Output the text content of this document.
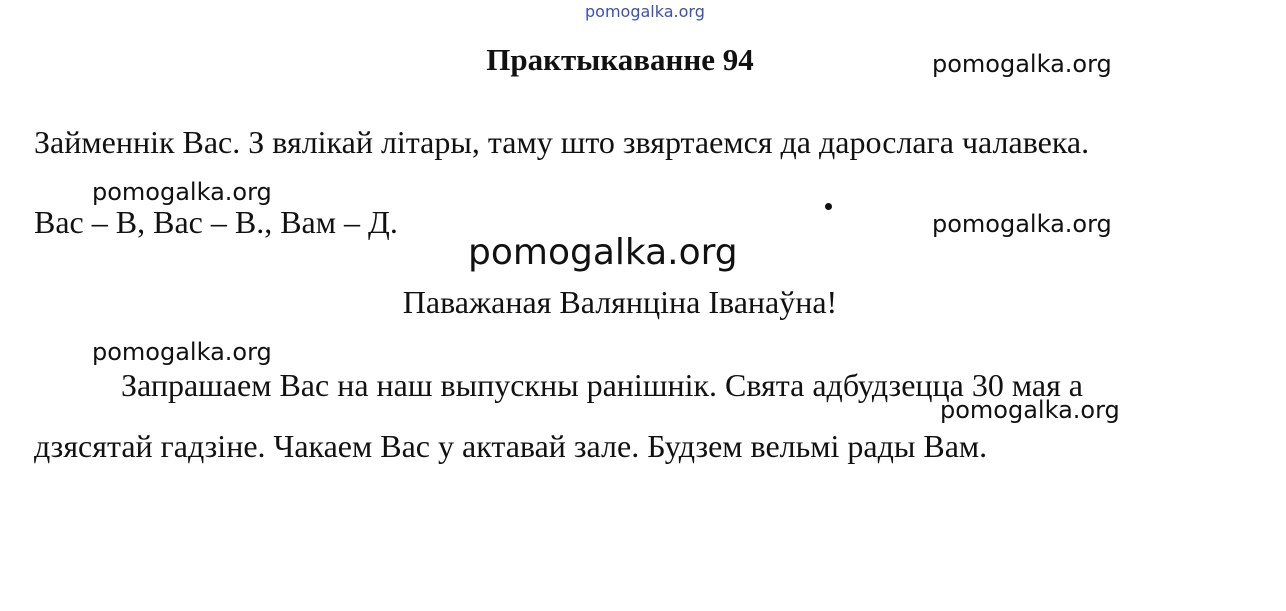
pomogalka.org
Практыкаванне 94	pomogalka.org
Займеннік Вас. З вялікай літары, таму што звяртаемся да дарослага чалавека.
pomogalka.org
Вас – В, Вас – В., Вам – Д.	pomogalka.org
pomogalka.org
Паважаная Валянціна Іванаўна!
pomogalka.org
Запрашаем Вас на наш выпускны ранішнік. Свята адбудзецца 30 мая а
pomogalka.org
дзясятай гадзіне. Чакаем Вас у актавай зале. Будзем вельмі рады Вам.
